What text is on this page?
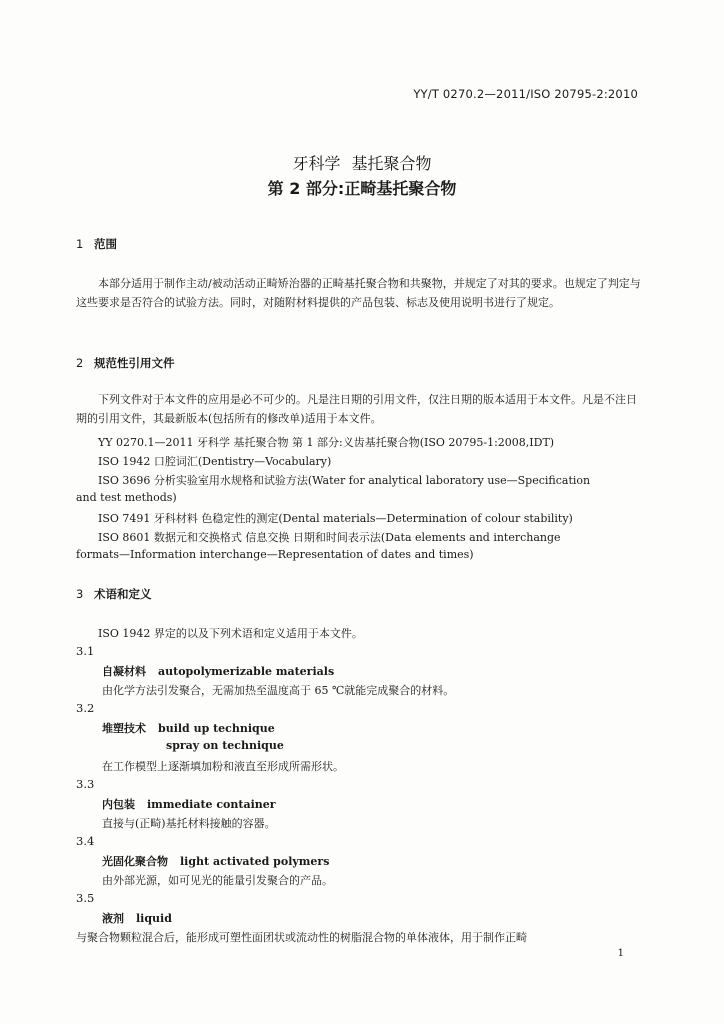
YY/T 0270.2—2011/ISO 20795-2:2010
牙科学 基托聚合物
第 2 部分:正畸基托聚合物
1 范围
本部分适用于制作主动/被动活动正畸矫治器的正畸基托聚合物和共聚物，并规定了对其的要求。也规定了判定与这些要求是否符合的试验方法。同时，对随附材料提供的产品包装、标志及使用说明书进行了规定。
2 规范性引用文件
下列文件对于本文件的应用是必不可少的。凡是注日期的引用文件，仅注日期的版本适用于本文件。凡是不注日期的引用文件，其最新版本(包括所有的修改单)适用于本文件。
YY 0270.1—2011 牙科学 基托聚合物 第 1 部分:义齿基托聚合物(ISO 20795-1:2008,IDT)
ISO 1942 口腔词汇(Dentistry—Vocabulary)
ISO 3696 分析实验室用水规格和试验方法(Water for analytical laboratory use—Specification
and test methods)
ISO 7491 牙科材料 色稳定性的测定(Dental materials—Determination of colour stability)
ISO 8601 数据元和交换格式 信息交换 日期和时间表示法(Data elements and interchange
formats—Information interchange—Representation of dates and times)
3 术语和定义
ISO 1942 界定的以及下列术语和定义适用于本文件。
3.1
自凝材料 autopolymerizable materials
由化学方法引发聚合，无需加热至温度高于 65 ℃就能完成聚合的材料。
3.2
堆塑技术 build up technique
spray on technique
在工作模型上逐渐填加粉和液直至形成所需形状。
3.3
内包装 immediate container
直接与(正畸)基托材料接触的容器。
3.4
光固化聚合物 light activated polymers
由外部光源，如可见光的能量引发聚合的产品。
3.5
液剂 liquid
与聚合物颗粒混合后，能形成可塑性面团状或流动性的树脂混合物的单体液体，用于制作正畸
1
